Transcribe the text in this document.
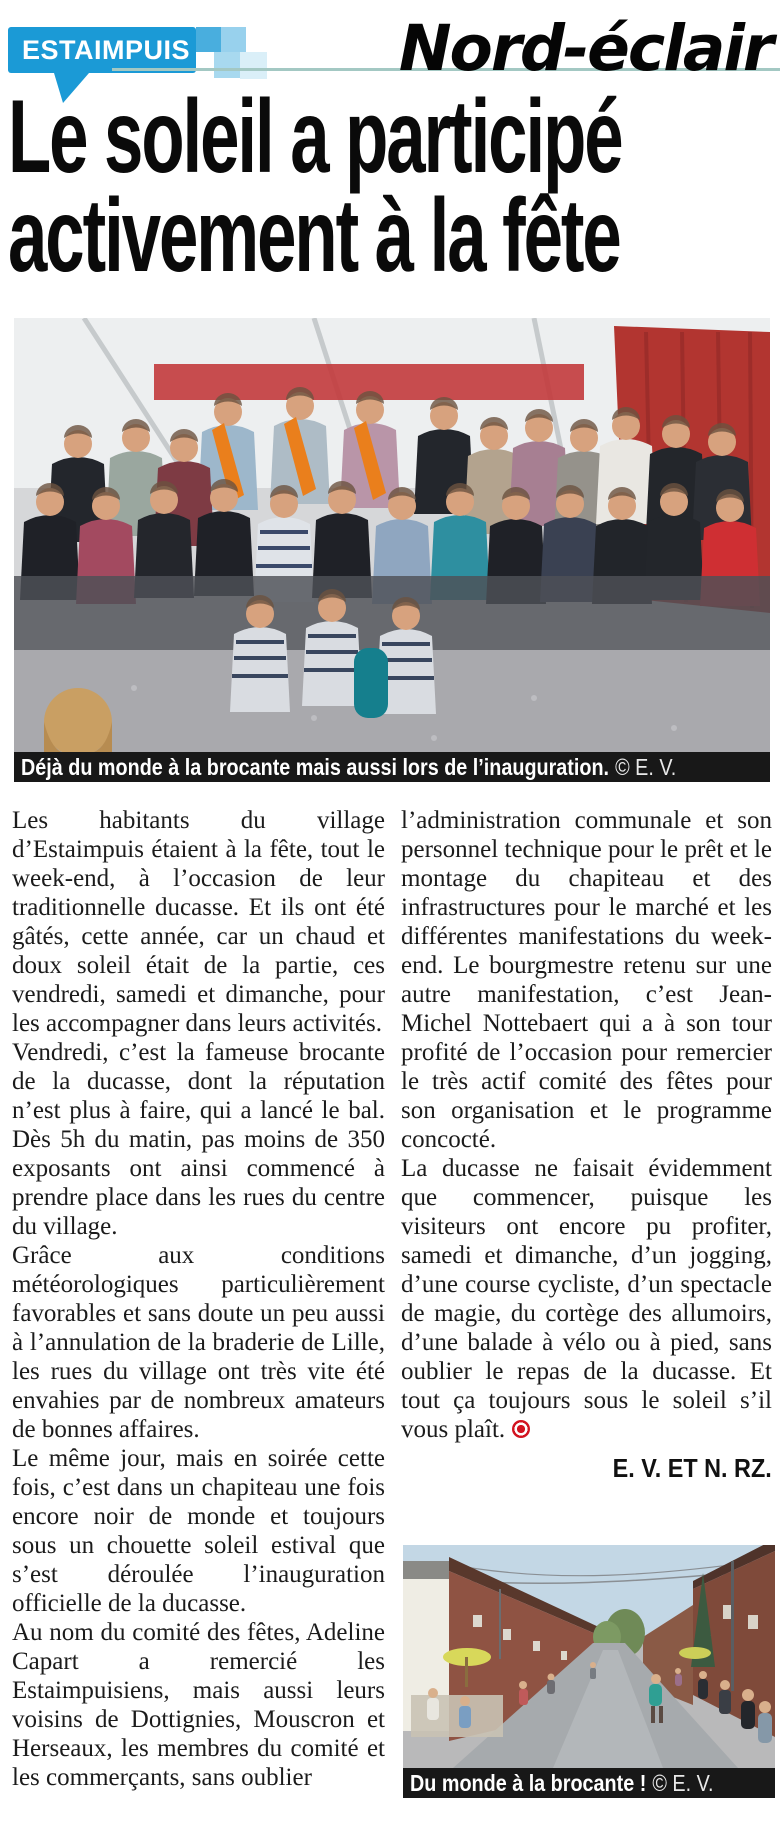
ESTAIMPUIS	Nord-éclair
Le soleil a participé
activement à la fête
Déjà du monde à la brocante mais aussi lors de l’inauguration. © E. V.

Les habitants du village d’Estaimpuis étaient à la fête, tout le week-end, à l’occasion de leur traditionnelle ducasse. Et ils ont été gâtés, cette année, car un chaud et doux soleil était de la partie, ces vendredi, samedi et dimanche, pour les accompagner dans leurs activités.

Vendredi, c’est la fameuse brocante de la ducasse, dont la réputation n’est plus à faire, qui a lancé le bal. Dès 5h du matin, pas moins de 350 exposants ont ainsi commencé à prendre place dans les rues du centre du village.

Grâce aux conditions météorologiques particulièrement favorables et sans doute un peu aussi à l’annulation de la braderie de Lille, les rues du village ont très vite été envahies par de nombreux amateurs de bonnes affaires.

Le même jour, mais en soirée cette fois, c’est dans un chapiteau une fois encore noir de monde et toujours sous un chouette soleil estival que s’est déroulée l’inauguration officielle de la ducasse.

Au nom du comité des fêtes, Adeline Capart a remercié les Estaimpuisiens, mais aussi leurs voisins de Dottignies, Mouscron et Herseaux, les membres du comité et les commerçants, sans oublier

l’administration communale et son personnel technique pour le prêt et le montage du chapiteau et des infrastructures pour le marché et les différentes manifestations du week-end. Le bourgmestre retenu sur une autre manifestation, c’est Jean-Michel Nottebaert qui a à son tour profité de l’occasion pour remercier le très actif comité des fêtes pour son organisation et le programme concocté.

La ducasse ne faisait évidemment que commencer, puisque les visiteurs ont encore pu profiter, samedi et dimanche, d’un jogging, d’une course cycliste, d’un spectacle de magie, du cortège des allumoirs, d’une balade à vélo ou à pied, sans oublier le repas de la ducasse. Et tout ça toujours sous le soleil s’il vous plaît.

E. V. ET N. RZ.
Du monde à la brocante ! © E. V.
